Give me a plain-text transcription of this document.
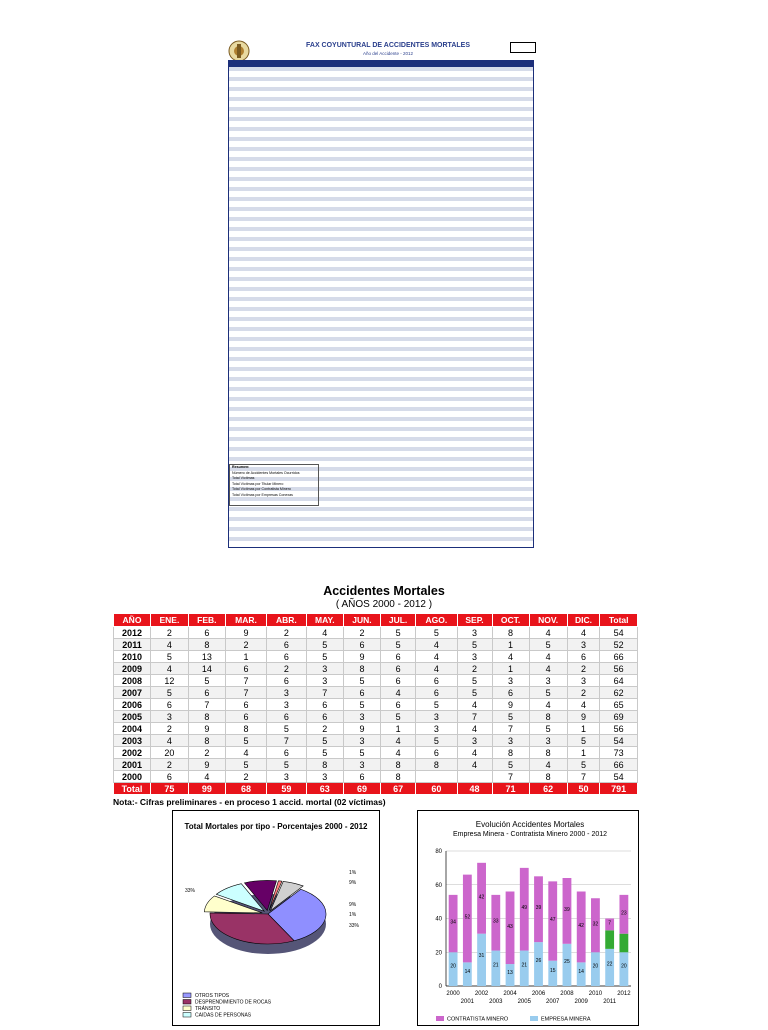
FAX COYUNTURAL DE ACCIDENTES MORTALES
Año del Accidente - 2012
Resumen:
Número de Accidentes Mortales Ocurridos
Total Víctimas
Total Víctimas por Titular Minero
Total Víctimas por Contratista Minero
Total Víctimas por Empresas Conexas
Accidentes Mortales
( AÑOS 2000 - 2012 )
AÑO	ENE.	FEB.	MAR.	ABR.	MAY.	JUN.	JUL.	AGO.	SEP.	OCT.	NOV.	DIC.	Total
2012	2	6	9	2	4	2	5	5	3	8	4	4	54
2011	4	8	2	6	5	6	5	4	5	1	5	3	52
2010	5	13	1	6	5	9	6	4	3	4	4	6	66
2009	4	14	6	2	3	8	6	4	2	1	4	2	56
2008	12	5	7	6	3	5	6	6	5	3	3	3	64
2007	5	6	7	3	7	6	4	6	5	6	5	2	62
2006	6	7	6	3	6	5	6	5	4	9	4	4	65
2005	3	8	6	6	6	3	5	3	7	5	8	9	69
2004	2	9	8	5	2	9	1	3	4	7	5	1	56
2003	4	8	5	7	5	3	4	5	3	3	3	5	54
2002	20	2	4	6	5	5	4	6	4	8	8	1	73
2001	2	9	5	5	8	3	8	8	4	5	4	5	66
2000	6	4	2	3	3	6	8			7	8	7	54
Total	75	99	68	59	63	69	67	60	48	71	62	50	791
Nota:- Cifras preliminares - en proceso 1 accid. mortal (02 víctimas)
Total Mortales por tipo - Porcentajes 2000 - 2012
1%
9%
9%
1%
33%
33%
OTROS TIPOS
DESPRENDIMIENTO DE ROCAS
TRÁNSITO
CAIDAS DE PERSONAS
Evolución Accidentes Mortales
Empresa Minera - Contratista Minero 2000 - 2012
0
20
40
60
80
34
20
52
14
42
31
33
21
43
13
49
21
39
26
47
15
39
25
42
14
32
20
7
22
23
20
2000	2002	2004	2006	2008	2010	2012
2001	2003	2005	2007	2009	2011
CONTRATISTA MINERO	EMPRESA MINERA
